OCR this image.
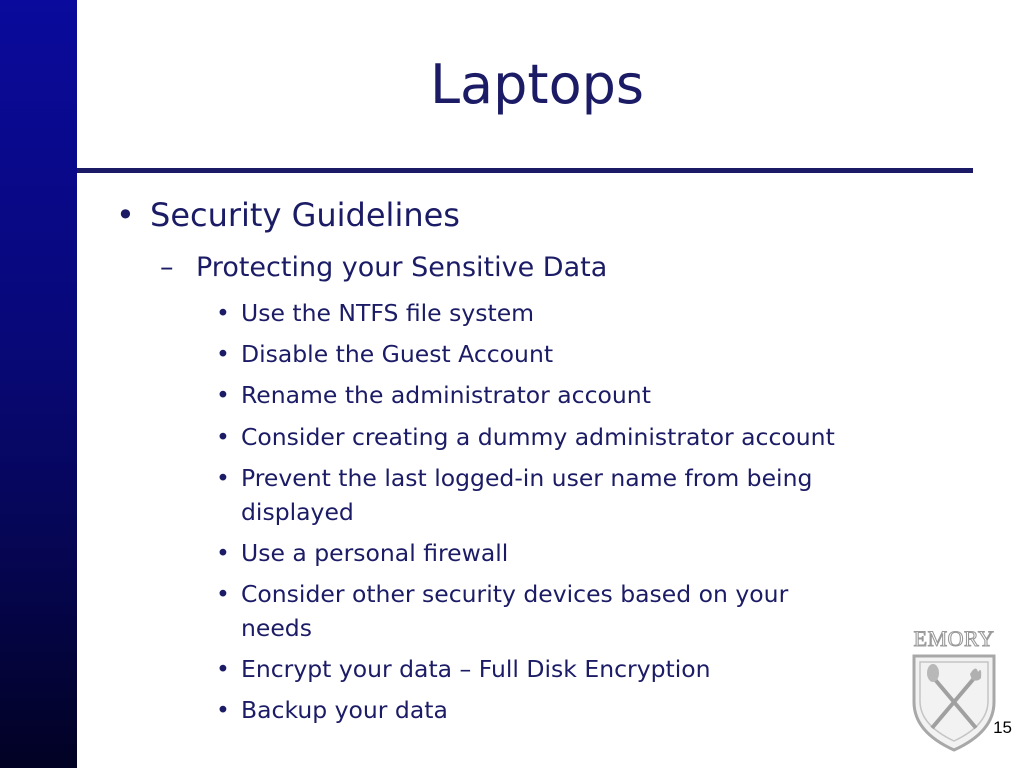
Laptops
• Security Guidelines
– Protecting your Sensitive Data
• Use the NTFS file system
• Disable the Guest Account
• Rename the administrator account
• Consider creating a dummy administrator account
• Prevent the last logged-in user name from being
displayed
• Use a personal firewall
• Consider other security devices based on your
needs
• Encrypt your data – Full Disk Encryption
• Backup your data
EMORY
15
